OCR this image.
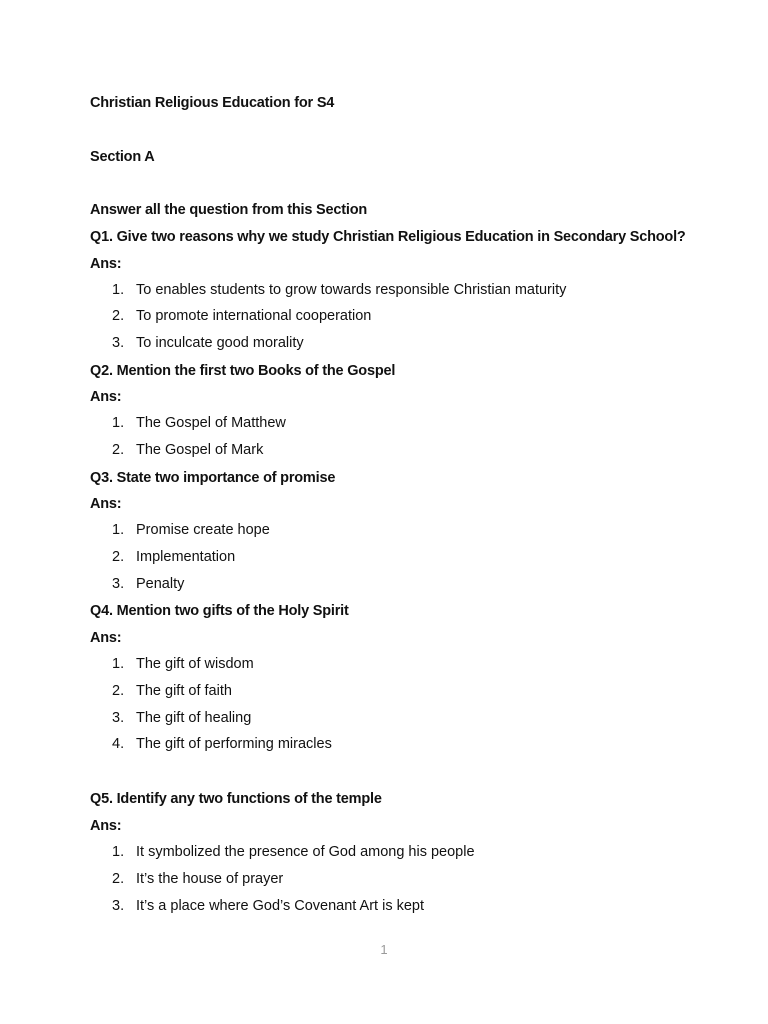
Christian Religious Education for S4
Section A
Answer all the question from this Section
Q1. Give two reasons why we study Christian Religious Education in Secondary School?
Ans:
1. To enables students to grow towards responsible Christian maturity
2. To promote international cooperation
3. To inculcate good morality
Q2. Mention the first two Books of the Gospel
Ans:
1. The Gospel of Matthew
2. The Gospel of Mark
Q3. State two importance of promise
Ans:
1. Promise create hope
2. Implementation
3. Penalty
Q4. Mention two gifts of the Holy Spirit
Ans:
1. The gift of wisdom
2. The gift of faith
3. The gift of healing
4. The gift of performing miracles
Q5. Identify any two functions of the temple
Ans:
1. It symbolized the presence of God among his people
2. It’s the house of prayer
3. It’s a place where God’s Covenant Art is kept
1
